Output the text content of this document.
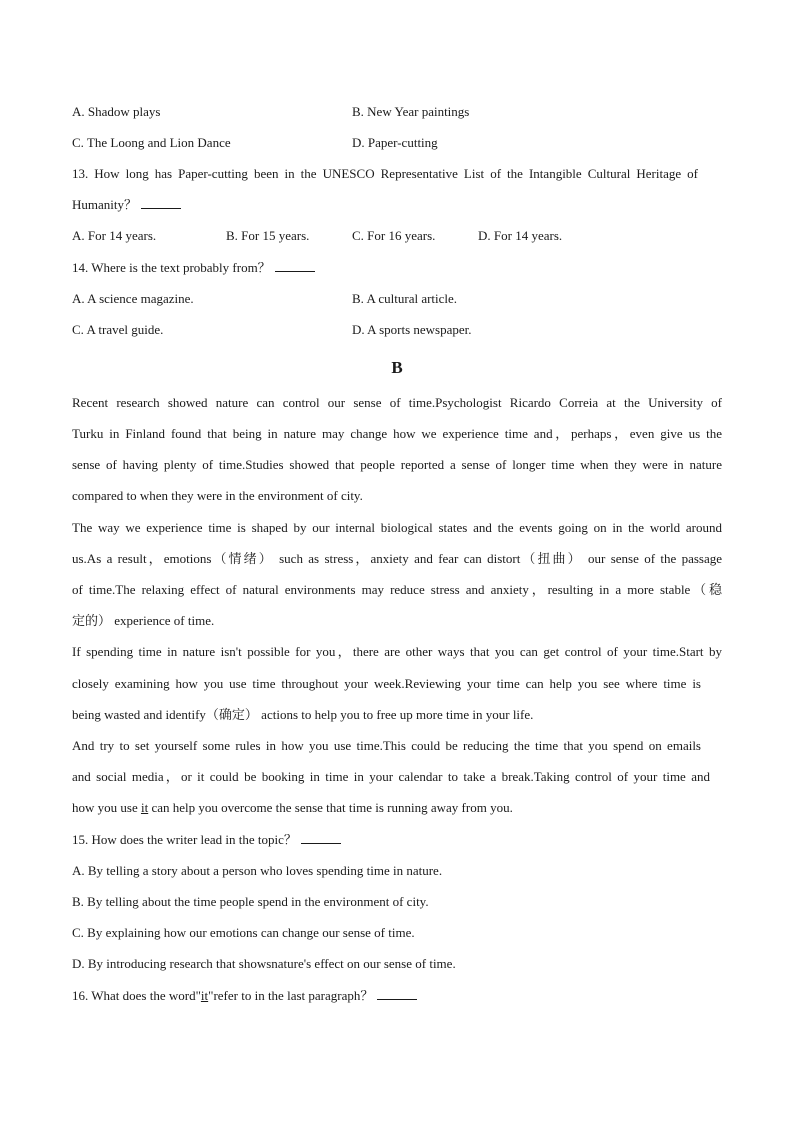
A. Shadow plays	B. New Year paintings
C. The Loong and Lion Dance	D. Paper-cutting
13. How long has Paper-cutting been in the UNESCO Representative List of the Intangible Cultural Heritage of
Humanity？
A. For 14 years.	B. For 15 years.	C. For 16 years.	D. For 14 years.
14. Where is the text probably from？
A. A science magazine.	B. A cultural article.
C. A travel guide.	D. A sports newspaper.
B
Recent research showed nature can control our sense of time.Psychologist Ricardo Correia at the University of
Turku in Finland found that being in nature may change how we experience time and，perhaps，even give us the
sense of having plenty of time.Studies showed that people reported a sense of longer time when they were in nature
compared to when they were in the environment of city.
The way we experience time is shaped by our internal biological states and the events going on in the world around
us.As a result，emotions（情绪） such as stress，anxiety and fear can distort（扭曲） our sense of the passage
of time.The relaxing effect of natural environments may reduce stress and anxiety，resulting in a more stable（稳
定的） experience of time.
If spending time in nature isn't possible for you，there are other ways that you can get control of your time.Start by
closely examining how you use time throughout your week.Reviewing your time can help you see where time is
being wasted and identify（确定） actions to help you to free up more time in your life.
And try to set yourself some rules in how you use time.This could be reducing the time that you spend on emails
and social media，or it could be booking in time in your calendar to take a break.Taking control of your time and
how you use it can help you overcome the sense that time is running away from you.
15. How does the writer lead in the topic？
A. By telling a story about a person who loves spending time in nature.
B. By telling about the time people spend in the environment of city.
C. By explaining how our emotions can change our sense of time.
D. By introducing research that showsnature's effect on our sense of time.
16. What does the word"it"refer to in the last paragraph？
